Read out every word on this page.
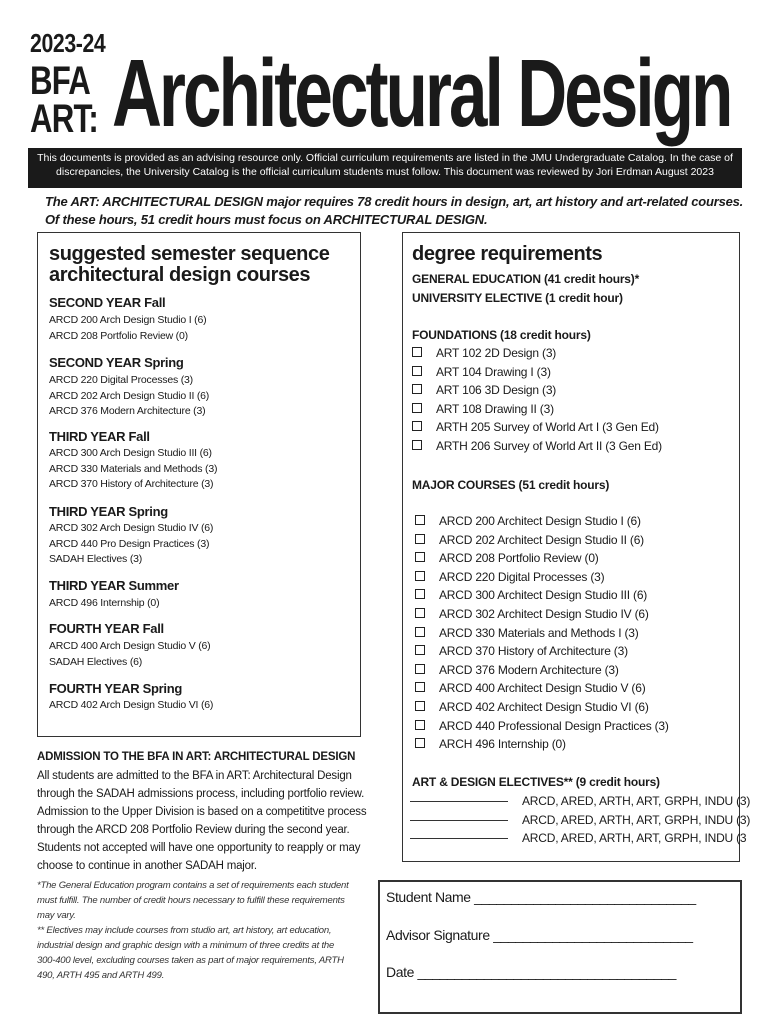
2023-24
BFA ART: Architectural Design
This documents is provided as an advising resource only. Official curriculum requirements are listed in the JMU Undergraduate Catalog. In the case of discrepancies, the University Catalog is the official curriculum students must follow. This document was reviewed by Jori Erdman August 2023
The ART: ARCHITECTURAL DESIGN major requires 78 credit hours in design, art, art history and art-related courses.
Of these hours, 51 credit hours must focus on ARCHITECTURAL DESIGN.
suggested semester sequence
architectural design courses
SECOND YEAR Fall
ARCD 200 Arch Design Studio I (6)
ARCD 208 Portfolio Review (0)
SECOND YEAR Spring
ARCD 220 Digital Processes (3)
ARCD 202 Arch Design Studio II (6)
ARCD 376 Modern Architecture (3)
THIRD YEAR Fall
ARCD 300 Arch Design Studio III (6)
ARCD 330 Materials and Methods (3)
ARCD 370 History of Architecture (3)
THIRD YEAR Spring
ARCD 302 Arch Design Studio IV (6)
ARCD 440 Pro Design Practices (3)
SADAH Electives (3)
THIRD YEAR Summer
ARCD 496 Internship (0)
FOURTH YEAR Fall
ARCD 400 Arch Design Studio V (6)
SADAH Electives (6)
FOURTH YEAR Spring
ARCD 402 Arch Design Studio VI (6)
ADMISSION TO THE BFA IN ART: ARCHITECTURAL DESIGN
All students are admitted to the BFA in ART: Architectural Design
through the SADAH admissions process, including portfolio review.
Admission to the Upper Division is based on a competititve process
through the ARCD 208 Portfolio Review during the second year.
Students not accepted will have one opportunity to reapply or may
choose to continue in another SADAH major.
*The General Education program contains a set of requirements each student
must fulfill. The number of credit hours necessary to fulfill these requirements
may vary.
** Electives may include courses from studio art, art history, art education,
industrial design and graphic design with a minimum of three credits at the
300-400 level, excluding courses taken as part of major requirements, ARTH
490, ARTH 495 and ARTH 499.
degree requirements
GENERAL EDUCATION (41 credit hours)*
UNIVERSITY ELECTIVE (1 credit hour)
FOUNDATIONS (18 credit hours)
ART 102 2D Design (3)
ART 104 Drawing I (3)
ART 106 3D Design (3)
ART 108 Drawing II (3)
ARTH 205 Survey of World Art I (3 Gen Ed)
ARTH 206 Survey of World Art II (3 Gen Ed)
MAJOR COURSES (51 credit hours)
ARCD 200 Architect Design Studio I (6)
ARCD 202 Architect Design Studio II (6)
ARCD 208 Portfolio Review (0)
ARCD 220 Digital Processes (3)
ARCD 300 Architect Design Studio III (6)
ARCD 302 Architect Design Studio IV (6)
ARCD 330 Materials and Methods I (3)
ARCD 370 History of Architecture (3)
ARCD 376 Modern Architecture (3)
ARCD 400 Architect Design Studio V (6)
ARCD 402 Architect Design Studio VI (6)
ARCD 440 Professional Design Practices (3)
ARCH 496 Internship (0)
ART & DESIGN ELECTIVES** (9 credit hours)
ARCD, ARED, ARTH, ART, GRPH, INDU (3)
ARCD, ARED, ARTH, ART, GRPH, INDU (3)
ARCD, ARED, ARTH, ART, GRPH, INDU (3
Student Name ______________________________
Advisor Signature ___________________________
Date ___________________________________
